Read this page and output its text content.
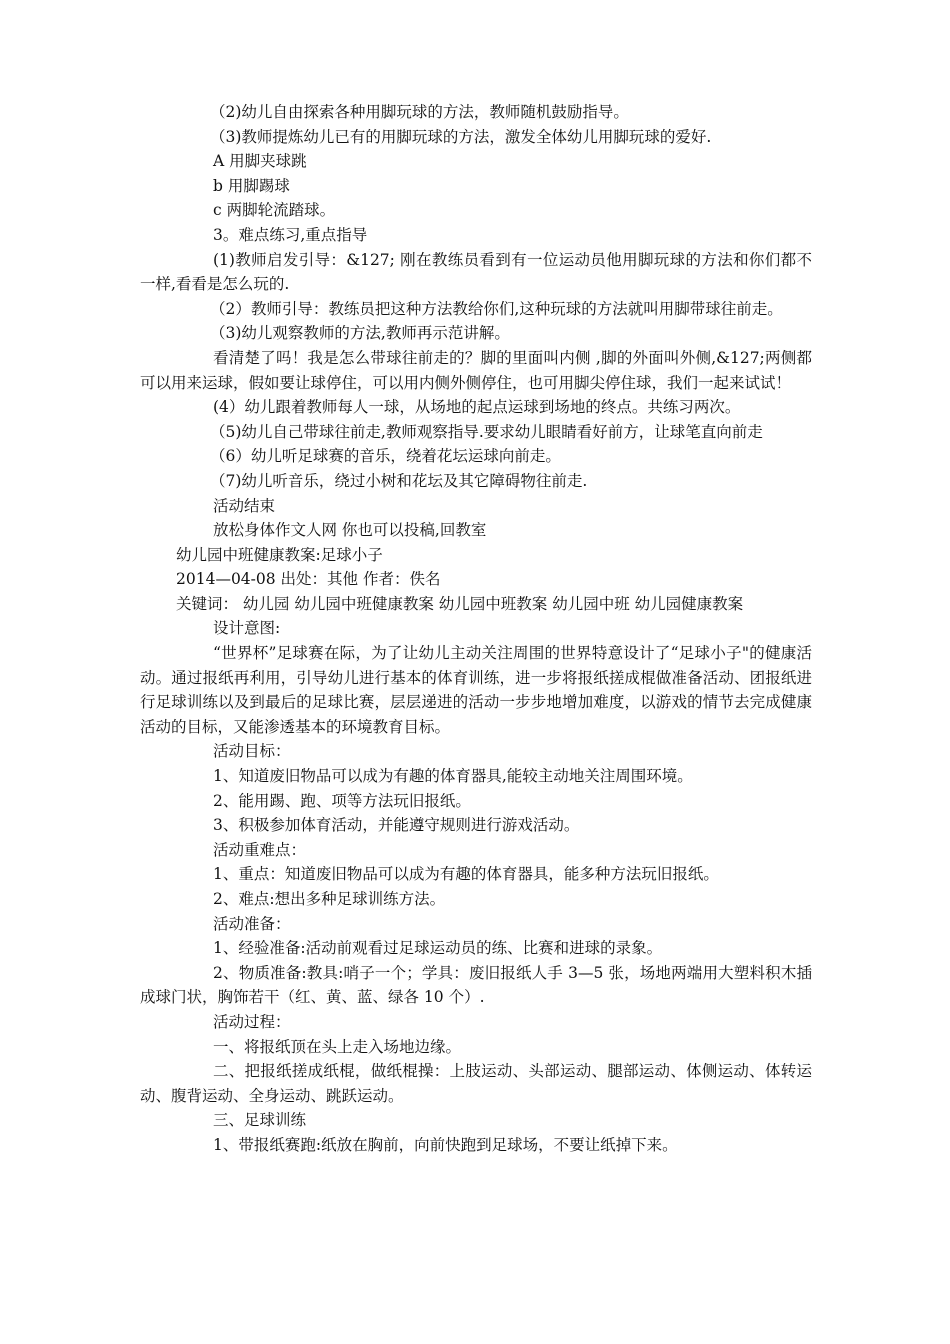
（2)幼儿自由探索各种用脚玩球的方法，教师随机鼓励指导。
（3)教师提炼幼儿已有的用脚玩球的方法，激发全体幼儿用脚玩球的爱好.
A 用脚夹球跳
b 用脚踢球
c 两脚轮流踏球。
3。难点练习,重点指导
(1)教师启发引导：&127; 刚在教练员看到有一位运动员他用脚玩球的方法和你们都不一样,看看是怎么玩的.
（2）教师引导：教练员把这种方法教给你们,这种玩球的方法就叫用脚带球往前走。
（3)幼儿观察教师的方法,教师再示范讲解。
看清楚了吗！我是怎么带球往前走的？脚的里面叫内侧 ,脚的外面叫外侧,&127;两侧都可以用来运球，假如要让球停住，可以用内侧外侧停住，也可用脚尖停住球，我们一起来试试！
(4）幼儿跟着教师每人一球，从场地的起点运球到场地的终点。共练习两次。
（5)幼儿自己带球往前走,教师观察指导.要求幼儿眼睛看好前方，让球笔直向前走
（6）幼儿听足球赛的音乐，绕着花坛运球向前走。
（7)幼儿听音乐，绕过小树和花坛及其它障碍物往前走.
活动结束
放松身体作文人网 你也可以投稿,回教室
幼儿园中班健康教案:足球小子
2014—04-08 出处：其他 作者：佚名
关键词： 幼儿园 幼儿园中班健康教案 幼儿园中班教案 幼儿园中班 幼儿园健康教案
设计意图:
“世界杯”足球赛在际，为了让幼儿主动关注周围的世界特意设计了“足球小子"的健康活动。通过报纸再利用，引导幼儿进行基本的体育训练，进一步将报纸搓成棍做准备活动、团报纸进行足球训练以及到最后的足球比赛，层层递进的活动一步步地增加难度，以游戏的情节去完成健康活动的目标，又能渗透基本的环境教育目标。
活动目标：
1、知道废旧物品可以成为有趣的体育器具,能较主动地关注周围环境。
2、能用踢、跑、项等方法玩旧报纸。
3、积极参加体育活动，并能遵守规则进行游戏活动。
活动重难点：
1、重点：知道废旧物品可以成为有趣的体育器具，能多种方法玩旧报纸。
2、难点:想出多种足球训练方法。
活动准备：
1、经验准备:活动前观看过足球运动员的练、比赛和进球的录象。
2、物质准备:教具:哨子一个；学具：废旧报纸人手 3—5 张，场地两端用大塑料积木插成球门状，胸饰若干（红、黄、蓝、绿各 10 个）.
活动过程：
一、将报纸顶在头上走入场地边缘。
二、把报纸搓成纸棍，做纸棍操：上肢运动、头部运动、腿部运动、体侧运动、体转运动、腹背运动、全身运动、跳跃运动。
三、足球训练
1、带报纸赛跑:纸放在胸前，向前快跑到足球场，不要让纸掉下来。
